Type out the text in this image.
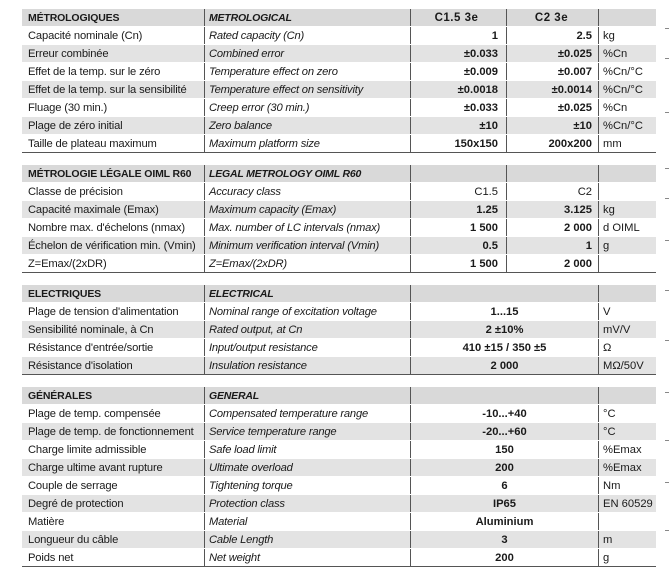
MÉTROLOGIQUES	METROLOGICAL	C1.5 3e	C2 3e
Capacité nominale (Cn)	Rated capacity (Cn)	1	2.5 kg
Erreur combinée	Combined error	±0.033	±0.025 %Cn
Effet de la temp. sur le zéro	Temperature effect on zero	±0.009	±0.007 %Cn/°C
Effet de la temp. sur la sensibilité	Temperature effect on sensitivity	±0.0018	±0.0014 %Cn/°C
Fluage (30 min.)	Creep error (30 min.)	±0.033	±0.025 %Cn
Plage de zéro initial	Zero balance	±10	±10 %Cn/°C
Taille de plateau maximum	Maximum platform size	150x150	200x200 mm
MÉTROLOGIE LÉGALE OIML R60	LEGAL METROLOGY OIML R60
Classe de précision	Accuracy class	C1.5	C2
Capacité maximale (Emax)	Maximum capacity (Emax)	1.25	3.125 kg
Nombre max. d'échelons (nmax)	Max. number of LC intervals (nmax)	1 500	2 000 d OIML
Échelon de vérification min. (Vmin)	Minimum verification interval (Vmin)	0.5	1 g
Z=Emax/(2xDR)	Z=Emax/(2xDR)	1 500	2 000
ELECTRIQUES	ELECTRICAL
Plage de tension d'alimentation	Nominal range of excitation voltage	1...15	V
Sensibilité nominale, à Cn	Rated output, at Cn	2 ±10%	mV/V
Résistance d'entrée/sortie	Input/output resistance	410 ±15 / 350 ±5	Ω
Résistance d'isolation	Insulation resistance	2 000	MΩ/50V
GÉNÉRALES	GENERAL
Plage de temp. compensée	Compensated temperature range	-10...+40	°C
Plage de temp. de fonctionnement	Service temperature range	-20...+60	°C
Charge limite admissible	Safe load limit	150	%Emax
Charge ultime avant rupture	Ultimate overload	200	%Emax
Couple de serrage	Tightening torque	6	Nm
Degré de protection	Protection class	IP65	EN 60529
Matière	Material	Aluminium
Longueur du câble	Cable Length	3	m
Poids net	Net weight	200	g
